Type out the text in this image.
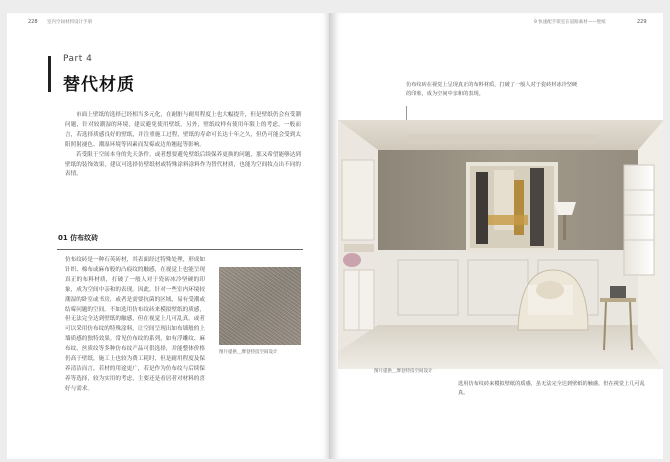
228 室内空间材料设计手册
Part 4
替代材质

市面上壁纸的选择已经相当多元化，在耐脏与耐用程度上也大幅提升，但是壁纸仍会有受潮问题，针对较潮湿的环境，建议避免使用壁纸。另外，壁纸纹样有使用年限上的考虑，一般而言，若选择质感良好的壁纸，并注重施工过程，壁纸的寿命可长达十年之久，但仍可能会受到太阳照射褪色、潮湿环境等因素而发霉或边角翘起等影响。

若受限于空间本身的先天条件，或者想要避免壁纸后续保养更换的问题，那又希望能够达到壁纸的装饰效果，建议可选择仿壁纸材或特殊涂料涂料作为替代材质，也能为空间妆点出不同的表情。

01 仿布纹砖
仿布纹砖是一种石英砖材，其表面经过特殊处理，形成如针织、棉布或麻布般的凸痕纹的触感，在视觉上也能呈现真正的布料材质，打破了一般人对于瓷砖冰冷坚硬的印象，成为空间中亲和的表现。因此，针对一些室内环境较潮湿的卧室或书房，或者是需要抗菌的区域，易有受潮或结霉问题的空间。不如选用仿布纹砖来模拟壁纸的质感，但无法完全达到壁纸的触感，但在视觉上几可乱真。或者可以采用仿布纹的特殊涂料，让空间呈现出如布墙般的上墙质感的独特效果。常见仿布纹的系列，如有浮雕纹、麻布纹、丝质纹等多种仿布纹产品可供选择，并能整体价格仍高于壁纸，施工上也较为费工耗时，但是耐用程度及保养清洁而言，若材的用途更广，若是作为仿布纹与后续保养等选择，较为实用的考虑，主要还是看居者对材料的喜好与需求。
图片提供＿摩登特技空间设计
9 快速配手嵌室在道路素材——壁纸	229
仿布纹砖在视觉上呈现真正的布料材质，打破了一般人对于瓷砖材冰冷坚硬的印象，成为空间中亲和的表现。
图片提供＿摩登特技空间设计
选用仿布纹砖来模拟壁纸的质感，虽无法完全达到壁纸的触感，但在视觉上几可乱真。
